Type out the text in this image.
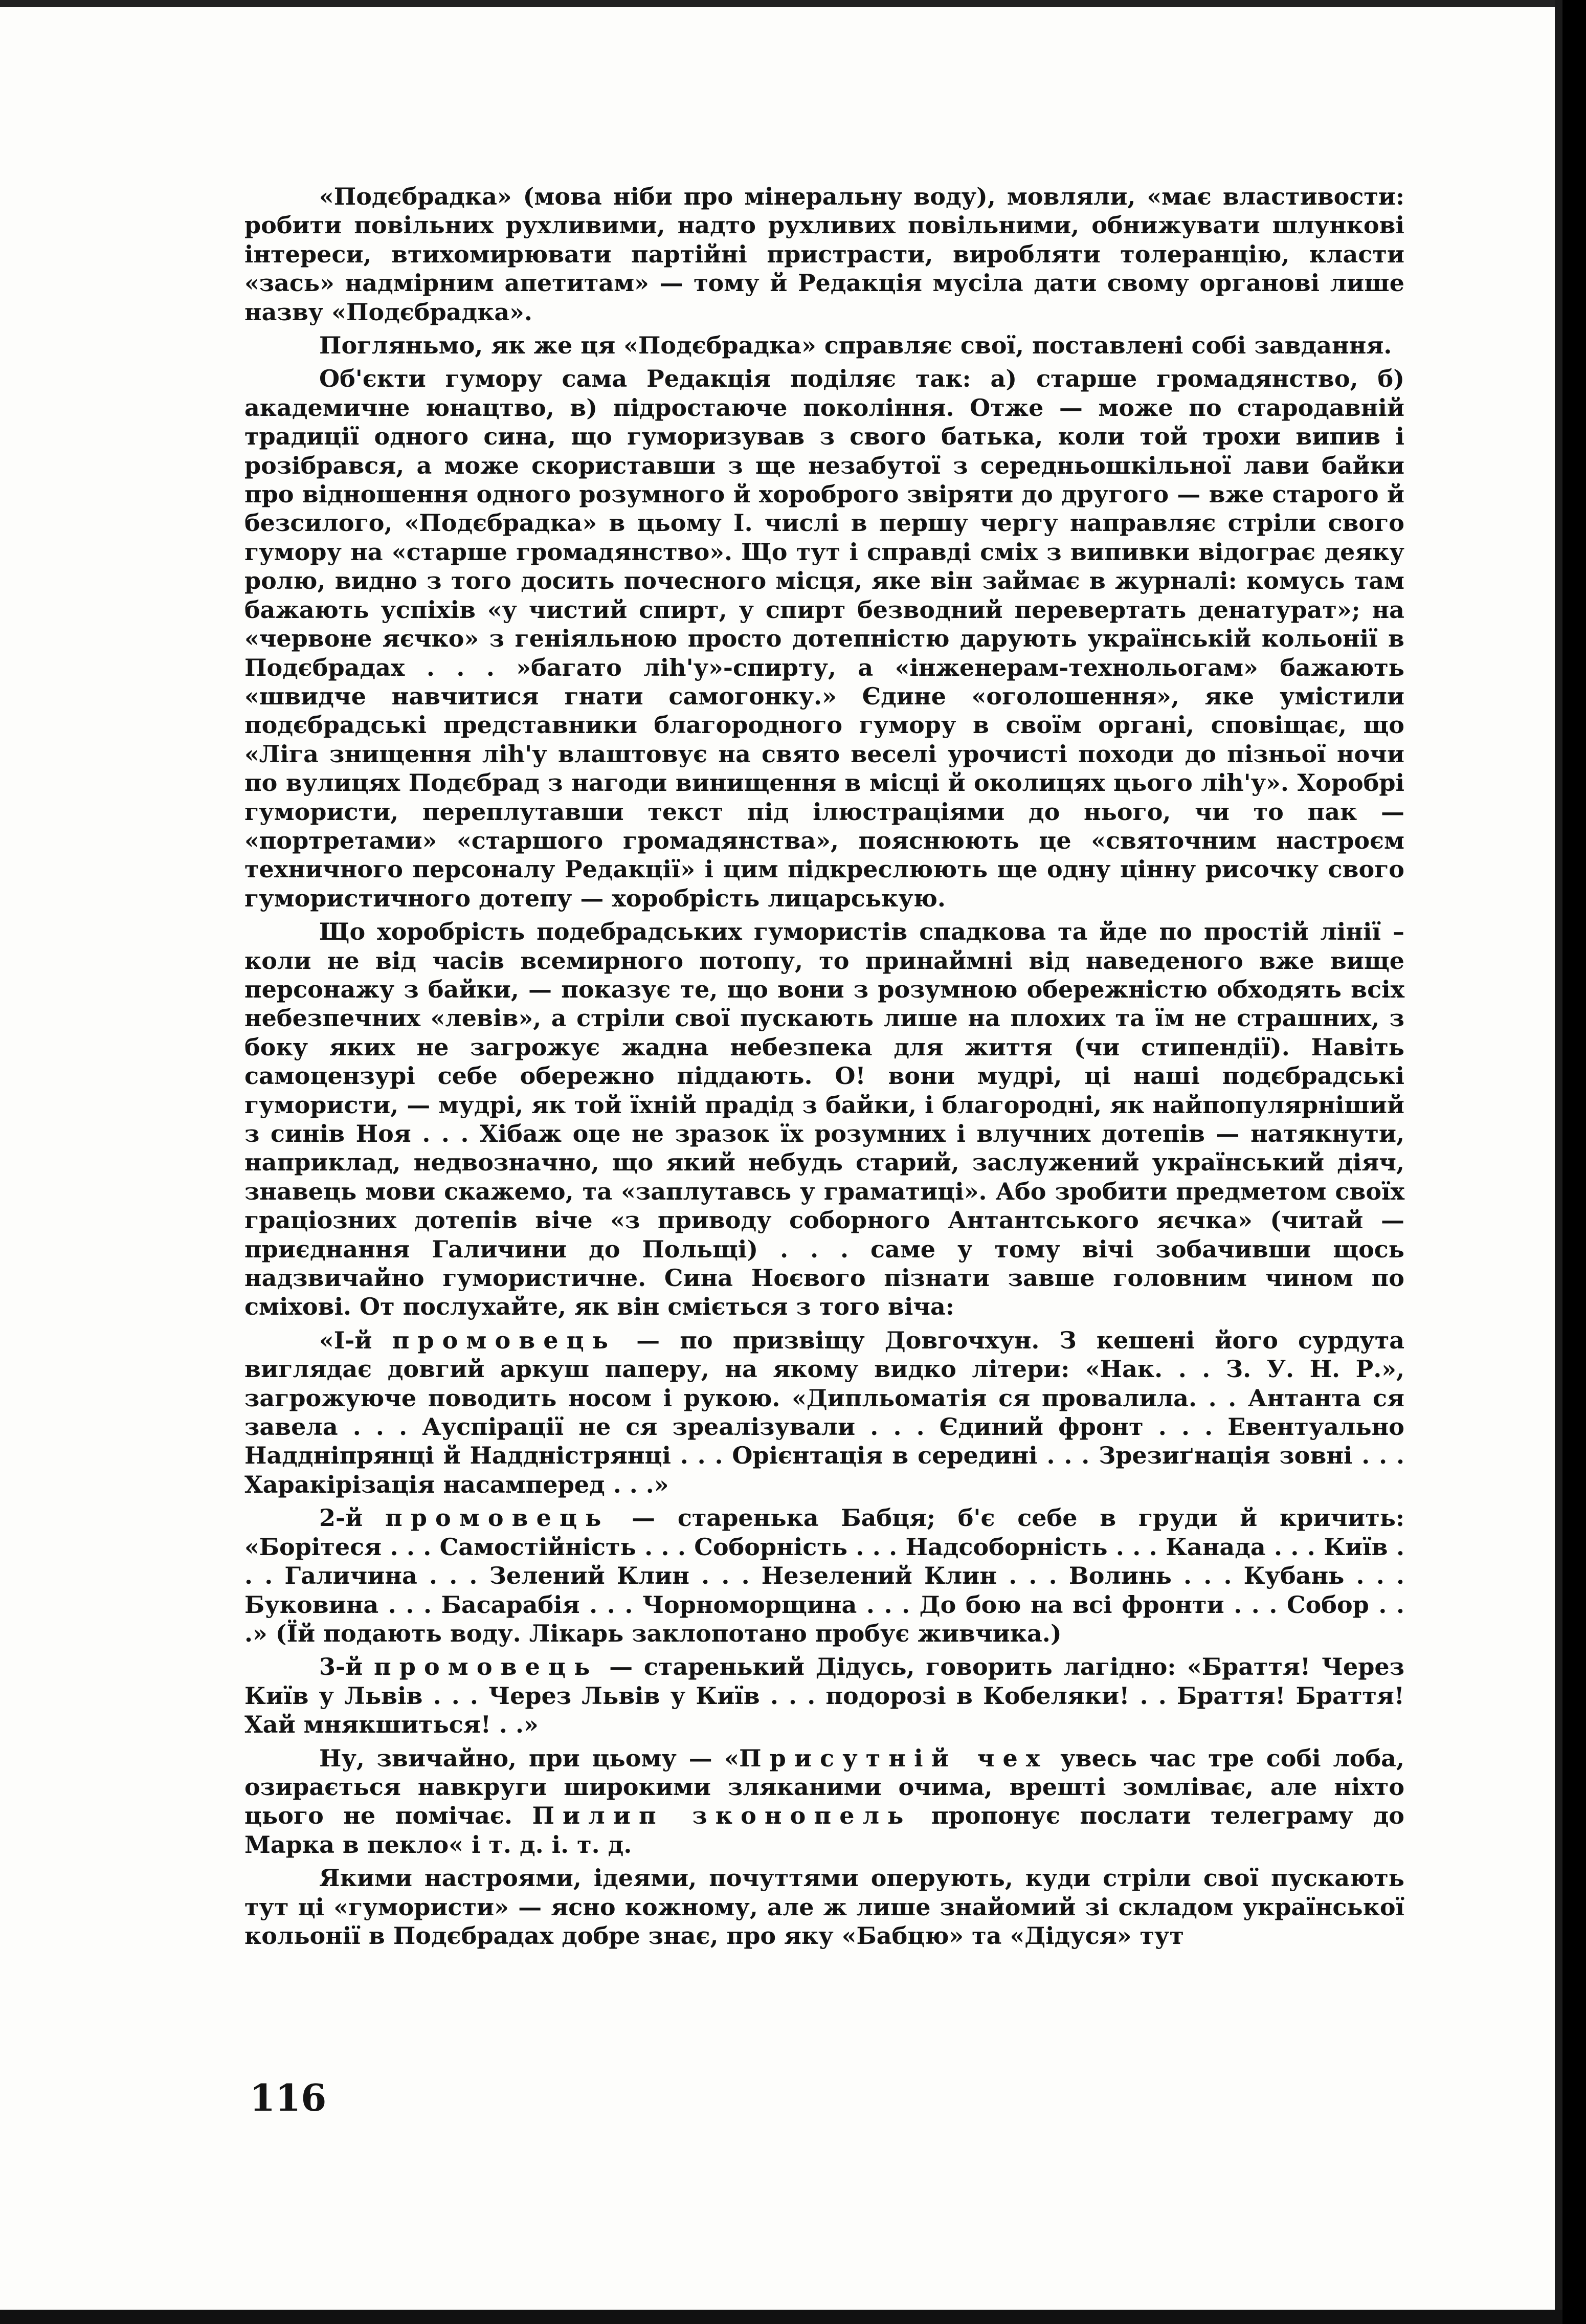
«Подєбрадка» (мова ніби про мінеральну воду), мовляли, «має властивости: робити повільних рухливими, надто рухливих повільними, обнижувати шлункові інтереси, втихомирювати партійні пристрасти, виробляти толеранцію, класти «зась» надмірним апетитам» — тому й Редакція мусіла дати свому органові лише назву «Подєбрадка».

Погляньмо, як же ця «Подєбрадка» справляє свої, поставлені собі завдання.

Об'єкти гумору сама Редакція поділяє так: а) старше громадянство, б) академичне юнацтво, в) підростаюче покоління. Отже — може по стародавній традиції одного сина, що гуморизував з свого батька, коли той трохи випив і розібрався, а може скориставши з ще незабутої з середньошкільної лави байки про відношення одного розумного й хороброго звіряти до другого — вже старого й безсилого, «Подєбрадка» в цьому І. числі в першу чергу направляє стріли свого гумору на «старше громадянство». Що тут і справді сміх з випивки відограє деяку ролю, видно з того досить почесного місця, яке він займає в журналі: комусь там бажають успіхів «у чистий спирт, у спирт безводний перевертать денатурат»; на «червоне яєчко» з геніяльною просто дотепністю дарують українській кольонії в Подєбрадах . . . »багато ліh'у»-спирту, а «інженерам-технольогам» бажають «швидче навчитися гнати самогонку.» Єдине «оголошення», яке умістили подєбрадські представники благородного гумору в своїм органі, сповіщає, що «Ліга знищення ліh'у влаштовує на свято веселі урочисті походи до пізньої ночи по вулицях Подєбрад з нагоди винищення в місці й околицях цього ліh'у». Хоробрі гумористи, переплутавши текст під ілюстраціями до нього, чи то пак — «портретами» «старшого громадянства», пояснюють це «святочним настроєм техничного персоналу Редакції» і цим підкреслюють ще одну цінну рисочку свого гумористичного дотепу — хоробрість лицарськую.

Що хоробрість подебрадських гумористів спадкова та йде по простій лінії – коли не від часів всемирного потопу, то принаймні від наведеного вже вище персонажу з байки, — показує те, що вони з розумною обережністю обходять всіх небезпечних «левів», а стріли свої пускають лише на плохих та їм не страшних, з боку яких не загрожує жадна небезпека для життя (чи стипендії). Навіть самоцензурі себе обережно піддають. О! вони мудрі, ці наші подєбрадські гумористи, — мудрі, як той їхній прадід з байки, і благородні, як найпопулярніший з синів Ноя . . . Хібаж оце не зразок їх розумних і влучних дотепів — натякнути, наприклад, недвозначно, що який небудь старий, заслужений український діяч, знавець мови скажемо, та «заплутавсь у граматиці». Або зробити предметом своїх граціозних дотепів віче «з приводу соборного Антантського яєчка» (читай — приєднання Галичини до Польщі) . . . саме у тому вічі зобачивши щось надзвичайно гумористичне. Сина Ноєвого пізнати завше головним чином по сміхові. От послухайте, як він сміється з того віча:

«І-й промовець — по призвіщу Довгочхун. З кешені його сурдута виглядає довгий аркуш паперу, на якому видко літери: «Нак. . . З. У. Н. Р.», загрожуюче поводить носом і рукою. «Дипльоматія ся провалила. . . Антанта ся завела . . . Ауспірації не ся зреалізували . . . Єдиний фронт . . . Евентуально Наддніпрянці й Наддністрянці . . . Орієнтація в середині . . . Зрезиґнація зовні . . . Харакірізація насамперед . . .»

2-й промовець — старенька Бабця; б'є себе в груди й кричить: «Борітеся . . . Самостійність . . . Соборність . . . Надсоборність . . . Канада . . . Київ . . . Галичина . . . Зелений Клин . . . Незелений Клин . . . Волинь . . . Кубань . . . Буковина . . . Басарабія . . . Чорноморщина . . . До бою на всі фронти . . . Собор . . .» (Їй подають воду. Лікарь заклопотано пробує живчика.)

3-й промовець — старенький Дідусь, говорить лагідно: «Браття! Через Київ у Львів . . . Через Львів у Київ . . . подорозі в Кобеляки! . . Браття! Браття! Хай мнякшиться! . .»

Ну, звичайно, при цьому — «Присутній чех увесь час тре собі лоба, озирається навкруги широкими зляканими очима, врешті зомліває, але ніхто цього не помічає. Пилип зконопель пропонує послати телеграму до Марка в пекло« і т. д. і. т. д.

Якими настроями, ідеями, почуттями оперують, куди стріли свої пускають тут ці «гумористи» — ясно кожному, але ж лише знайомий зі складом української кольонії в Подєбрадах добре знає, про яку «Бабцю» та «Дідуся» тут

116
